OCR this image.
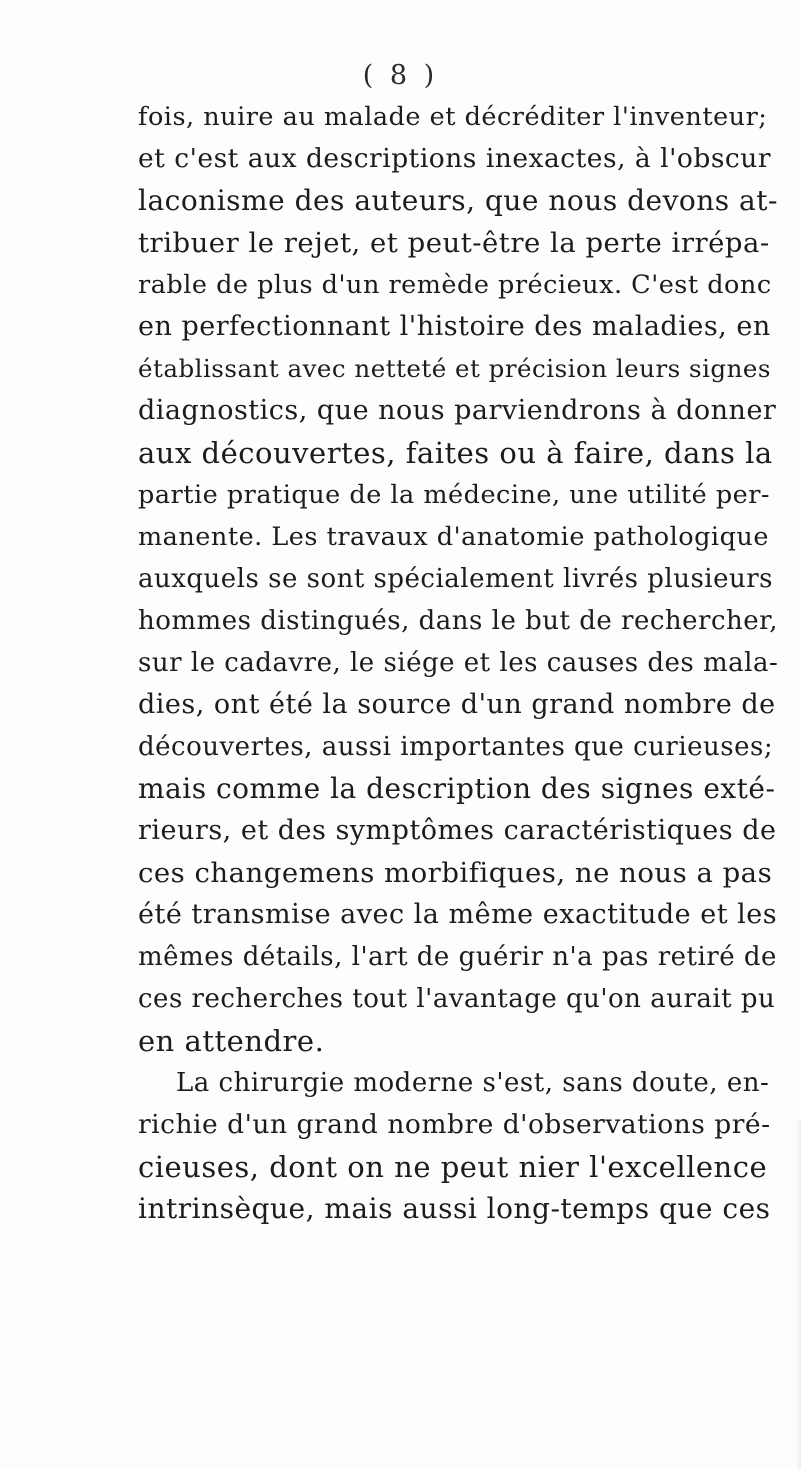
( 8 )
fois, nuire au malade et décréditer l'inventeur;
et c'est aux descriptions inexactes, à l'obscur
laconisme des auteurs, que nous devons at-
tribuer le rejet, et peut-être la perte irrépa-
rable de plus d'un remède précieux. C'est donc
en perfectionnant l'histoire des maladies, en
établissant avec netteté et précision leurs signes
diagnostics, que nous parviendrons à donner
aux découvertes, faites ou à faire, dans la
partie pratique de la médecine, une utilité per-
manente. Les travaux d'anatomie pathologique
auxquels se sont spécialement livrés plusieurs
hommes distingués, dans le but de rechercher,
sur le cadavre, le siége et les causes des mala-
dies, ont été la source d'un grand nombre de
découvertes, aussi importantes que curieuses;
mais comme la description des signes exté-
rieurs, et des symptômes caractéristiques de
ces changemens morbifiques, ne nous a pas
été transmise avec la même exactitude et les
mêmes détails, l'art de guérir n'a pas retiré de
ces recherches tout l'avantage qu'on aurait pu
en attendre.
La chirurgie moderne s'est, sans doute, en-
richie d'un grand nombre d'observations pré-
cieuses, dont on ne peut nier l'excellence
intrinsèque, mais aussi long-temps que ces
